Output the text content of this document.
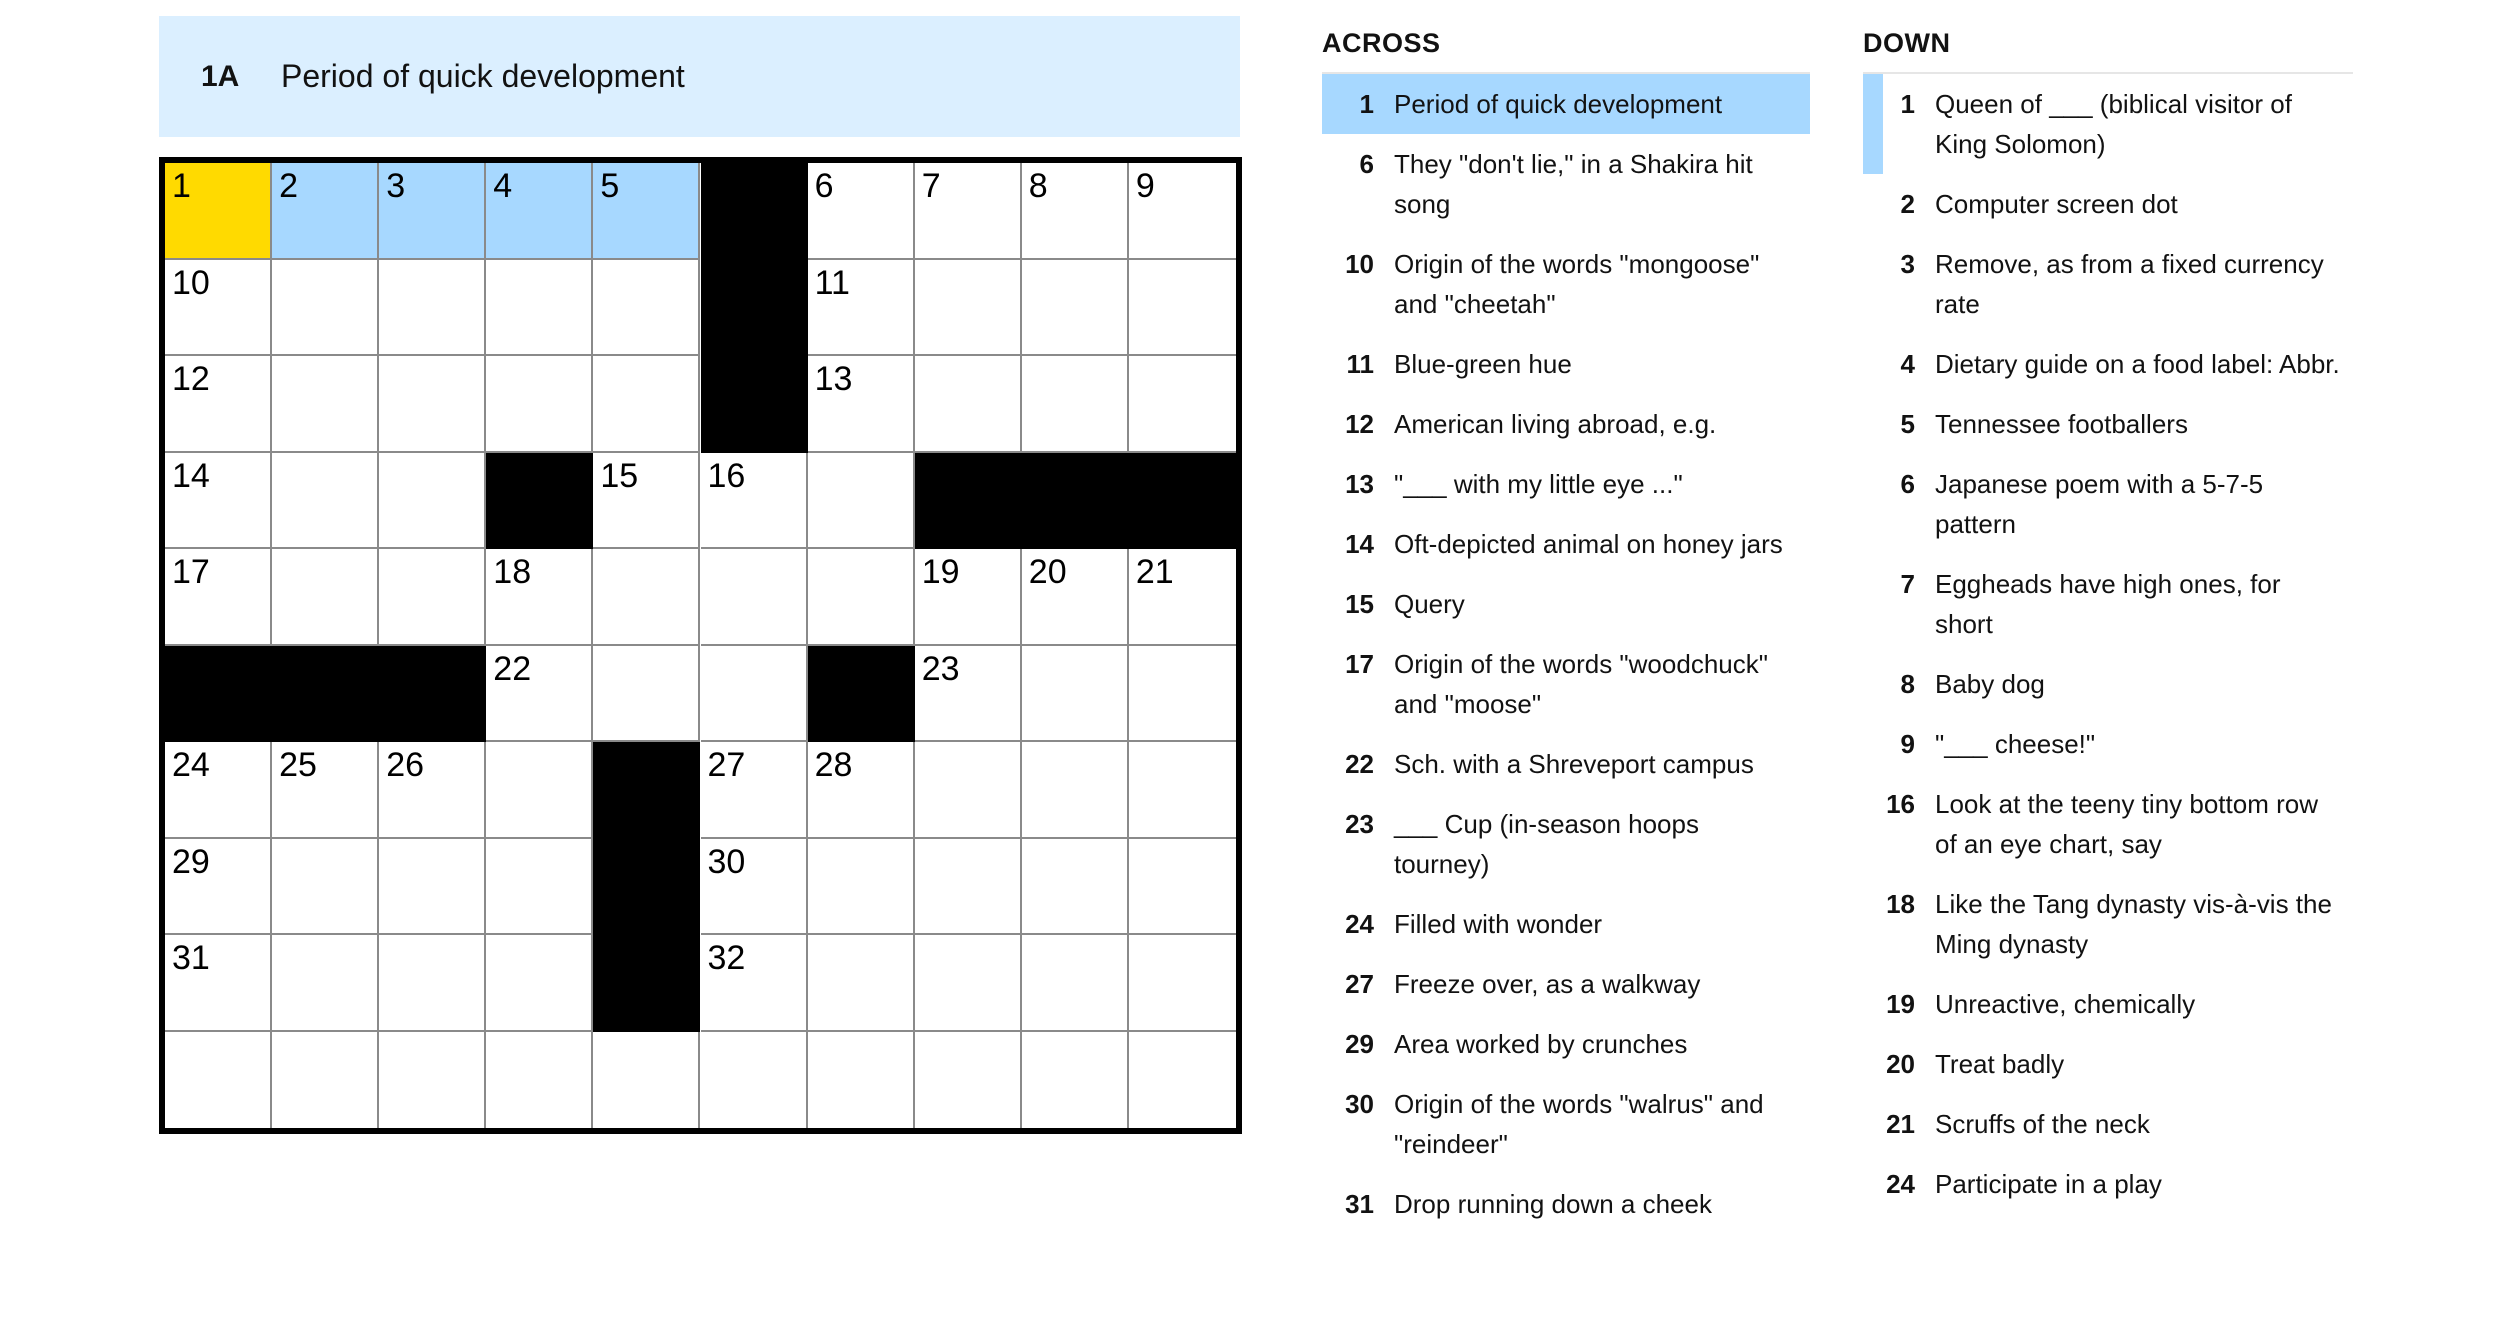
1A Period of quick development
1	2	3	4	5	6	7	8	9
10	11
12	13
14	15 16
17	18	19 20 21
22	23
24 25 26	27 28
29	30
31	32
ACROSS
1 Period of quick development
6 They "don't lie," in a Shakira hit song
10 Origin of the words "mongoose" and "cheetah"
11 Blue-green hue
12 American living abroad, e.g.
13 "___ with my little eye ..."
14 Oft-depicted animal on honey jars
15 Query
17 Origin of the words "woodchuck" and "moose"
22 Sch. with a Shreveport campus
23 ___ Cup (in-season hoops tourney)
24 Filled with wonder
27 Freeze over, as a walkway
29 Area worked by crunches
30 Origin of the words "walrus" and "reindeer"
31 Drop running down a cheek
DOWN
1 Queen of ___ (biblical visitor of King Solomon)
2 Computer screen dot
3 Remove, as from a fixed currency rate
4 Dietary guide on a food label: Abbr.
5 Tennessee footballers
6 Japanese poem with a 5-7-5 pattern
7 Eggheads have high ones, for short
8 Baby dog
9 "___ cheese!"
16 Look at the teeny tiny bottom row of an eye chart, say
18 Like the Tang dynasty vis-à-vis the Ming dynasty
19 Unreactive, chemically
20 Treat badly
21 Scruffs of the neck
24 Participate in a play
